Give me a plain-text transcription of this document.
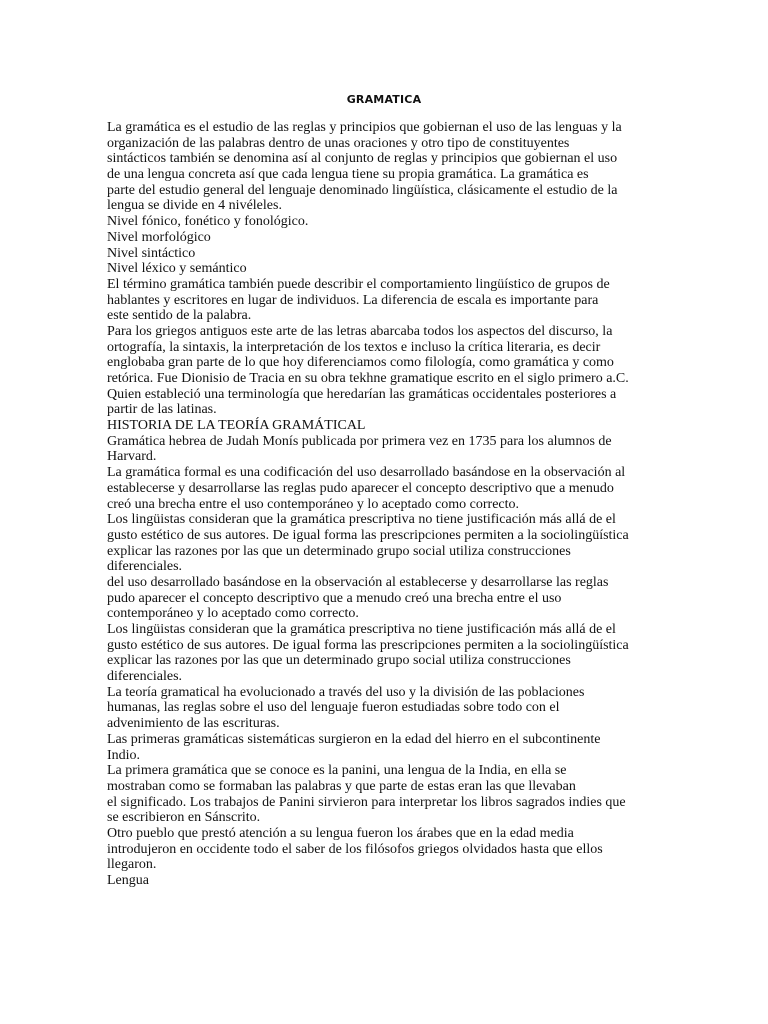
GRAMATICA
La gramática es el estudio de las reglas y principios que gobiernan el uso de las lenguas y la
organización de las palabras dentro de unas oraciones y otro tipo de constituyentes
sintácticos también se denomina así al conjunto de reglas y principios que gobiernan el uso
de una lengua concreta así que cada lengua tiene su propia gramática. La gramática es
parte del estudio general del lenguaje denominado lingüística, clásicamente el estudio de la
lengua se divide en 4 nivéleles.
Nivel fónico, fonético y fonológico.
Nivel morfológico
Nivel sintáctico
Nivel léxico y semántico
El término gramática también puede describir el comportamiento lingüístico de grupos de
hablantes y escritores en lugar de individuos. La diferencia de escala es importante para
este sentido de la palabra.
Para los griegos antiguos este arte de las letras abarcaba todos los aspectos del discurso, la
ortografía, la sintaxis, la interpretación de los textos e incluso la crítica literaria, es decir
englobaba gran parte de lo que hoy diferenciamos como filología, como gramática y como
retórica. Fue Dionisio de Tracia en su obra tekhne gramatique escrito en el siglo primero a.C.
Quien estableció una terminología que heredarían las gramáticas occidentales posteriores a
partir de las latinas.
HISTORIA DE LA TEORÍA GRAMÁTICAL
Gramática hebrea de Judah Monís publicada por primera vez en 1735 para los alumnos de
Harvard.
La gramática formal es una codificación del uso desarrollado basándose en la observación al
establecerse y desarrollarse las reglas pudo aparecer el concepto descriptivo que a menudo
creó una brecha entre el uso contemporáneo y lo aceptado como correcto.
Los lingüistas consideran que la gramática prescriptiva no tiene justificación más allá de el
gusto estético de sus autores. De igual forma las prescripciones permiten a la sociolingüística
explicar las razones por las que un determinado grupo social utiliza construcciones
diferenciales.
del uso desarrollado basándose en la observación al establecerse y desarrollarse las reglas
pudo aparecer el concepto descriptivo que a menudo creó una brecha entre el uso
contemporáneo y lo aceptado como correcto.
Los lingüistas consideran que la gramática prescriptiva no tiene justificación más allá de el
gusto estético de sus autores. De igual forma las prescripciones permiten a la sociolingüística
explicar las razones por las que un determinado grupo social utiliza construcciones
diferenciales.
La teoría gramatical ha evolucionado a través del uso y la división de las poblaciones
humanas, las reglas sobre el uso del lenguaje fueron estudiadas sobre todo con el
advenimiento de las escrituras.
Las primeras gramáticas sistemáticas surgieron en la edad del hierro en el subcontinente
Indio.
La primera gramática que se conoce es la panini, una lengua de la India, en ella se
mostraban como se formaban las palabras y que parte de estas eran las que llevaban
el significado. Los trabajos de Panini sirvieron para interpretar los libros sagrados indies que
se escribieron en Sánscrito.
Otro pueblo que prestó atención a su lengua fueron los árabes que en la edad media
introdujeron en occidente todo el saber de los filósofos griegos olvidados hasta que ellos
llegaron.
Lengua
